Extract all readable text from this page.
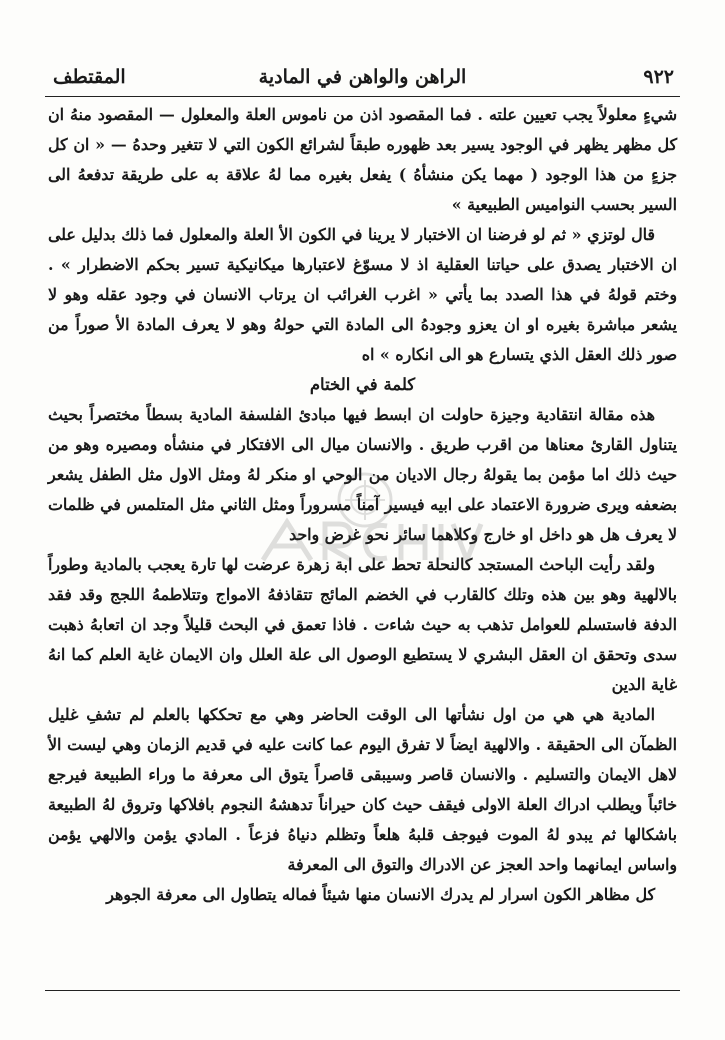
٩٢٢
الراهن والواهن في المادية
المقتطف

شيءٍ معلولاً يجب تعيين علته . فما المقصود اذن من ناموس العلة والمعلول — المقصود منهُ ان كل مظهر يظهر في الوجود يسير بعد ظهوره طبقاً لشرائع الكون التي لا تتغير وحدهُ — « ان كل جزءٍ من هذا الوجود ( مهما يكن منشأهُ ) يفعل بغيره مما لهُ علاقة به على طريقة تدفعهُ الى السير بحسب النواميس الطبيعية »

قال لوتزي « ثم لو فرضنا ان الاختبار لا يرينا في الكون الأ العلة والمعلول فما ذلك بدليل على ان الاختبار يصدق على حياتنا العقلية اذ لا مسوّغ لاعتبارها ميكانيكية تسير بحكم الاضطرار » . وختم قولهُ في هذا الصدد بما يأتي « اغرب الغرائب ان يرتاب الانسان في وجود عقله وهو لا يشعر مباشرة بغيره او ان يعزو وجودهُ الى المادة التي حولهُ وهو لا يعرف المادة الأ صوراً من صور ذلك العقل الذي يتسارع هو الى انكاره » اه

كلمة في الختام

هذه مقالة انتقادية وجيزة حاولت ان ابسط فيها مبادئ الفلسفة المادية بسطاً مختصراً بحيث يتناول القارئ معناها من اقرب طريق . والانسان ميال الى الافتكار في منشأه ومصيره وهو من حيث ذلك اما مؤمن بما يقولهُ رجال الاديان من الوحي او منكر لهُ ومثل الاول مثل الطفل يشعر بضعفه ويرى ضرورة الاعتماد على ابيه فيسير آمناً مسروراً ومثل الثاني مثل المتلمس في ظلمات لا يعرف هل هو داخل او خارج وكلاهما سائر نحو غرض واحد

ولقد رأيت الباحث المستجد كالنحلة تحط على ابة زهرة عرضت لها تارة يعجب بالمادية وطوراً بالالهية وهو بين هذه وتلك كالقارب في الخضم المائج تتقاذفهُ الامواج وتتلاطمهُ اللجج وقد فقد الدفة فاستسلم للعوامل تذهب به حيث شاءت . فاذا تعمق في البحث قليلاً وجد ان اتعابهُ ذهبت سدى وتحقق ان العقل البشري لا يستطيع الوصول الى علة العلل وان الايمان غاية العلم كما انهُ غاية الدين

المادية هي هي من اول نشأتها الى الوقت الحاضر وهي مع تحككها بالعلم لم تشفِ غليل الظمآن الى الحقيقة . والالهية ايضاً لا تفرق اليوم عما كانت عليه في قديم الزمان وهي ليست الأ لاهل الايمان والتسليم . والانسان قاصر وسيبقى قاصراً يتوق الى معرفة ما وراء الطبيعة فيرجع خائباً ويطلب ادراك العلة الاولى فيقف حيث كان حيراناً تدهشهُ النجوم بافلاكها وتروق لهُ الطبيعة باشكالها ثم يبدو لهُ الموت فيوجف قلبهُ هلعاً وتظلم دنياهُ فزعاً . المادي يؤمن والالهي يؤمن واساس ايمانهما واحد العجز عن الادراك والتوق الى المعرفة

كل مظاهر الكون اسرار لم يدرك الانسان منها شيئاً فماله يتطاول الى معرفة الجوهر
